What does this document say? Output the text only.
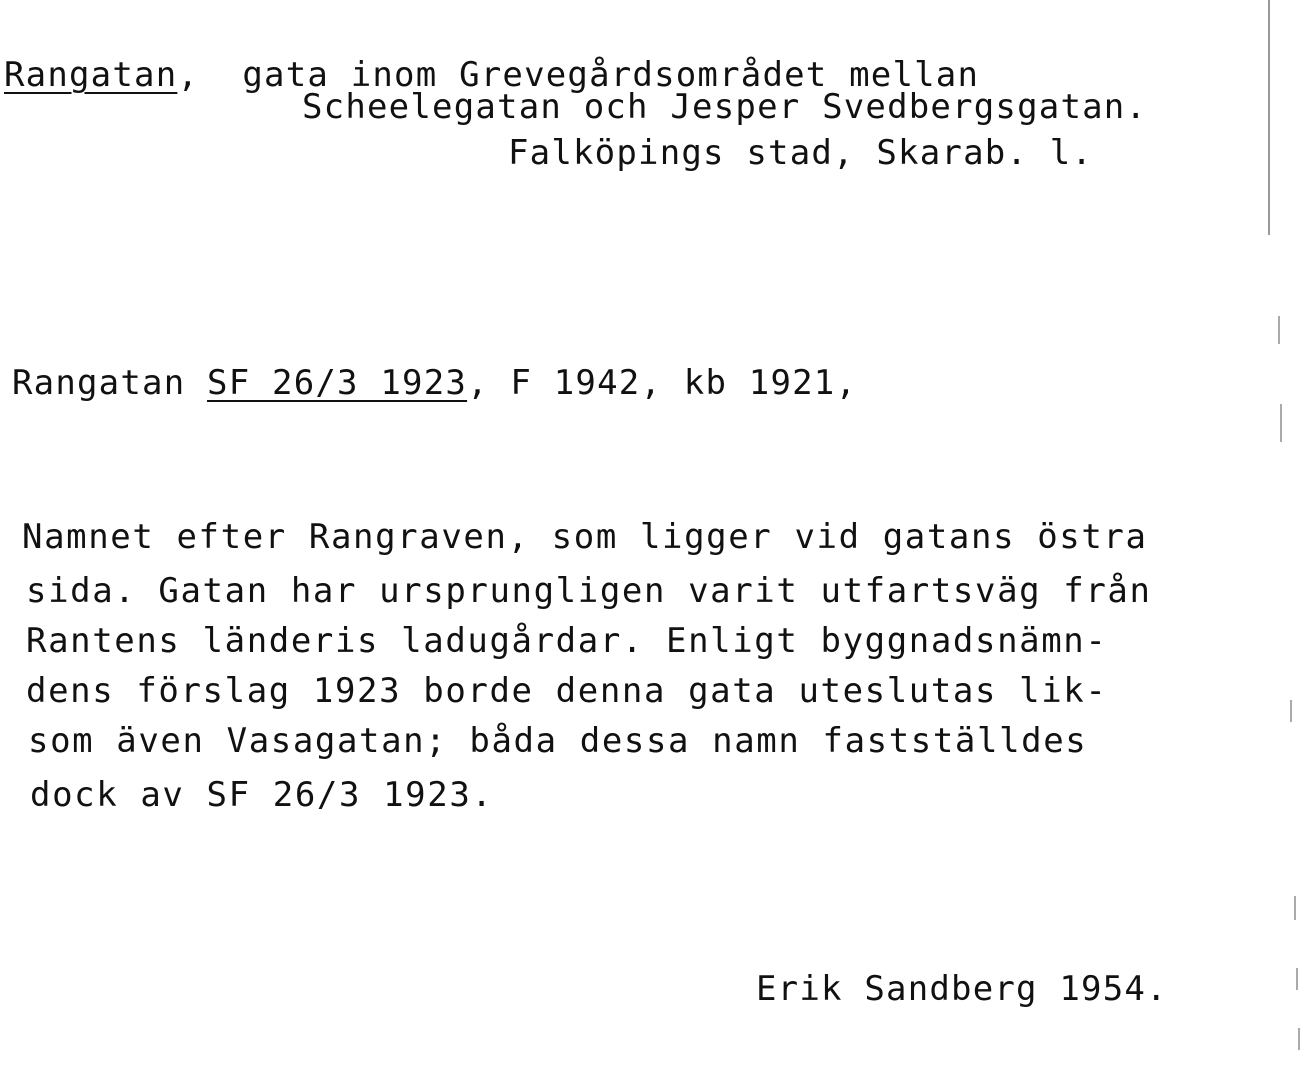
Rangatan,  gata inom Grevegårdsområdet mellan
Scheelegatan och Jesper Svedbergsgatan.
Falköpings stad, Skarab. l.
Rangatan SF 26/3 1923, F 1942, kb 1921,
Namnet efter Rangraven, som ligger vid gatans östra
sida. Gatan har ursprungligen varit utfartsväg från
Rantens länderis ladugårdar. Enligt byggnadsnämn-
dens förslag 1923 borde denna gata uteslutas lik-
som även Vasagatan; båda dessa namn fastställdes
dock av SF 26/3 1923.
Erik Sandberg 1954.
